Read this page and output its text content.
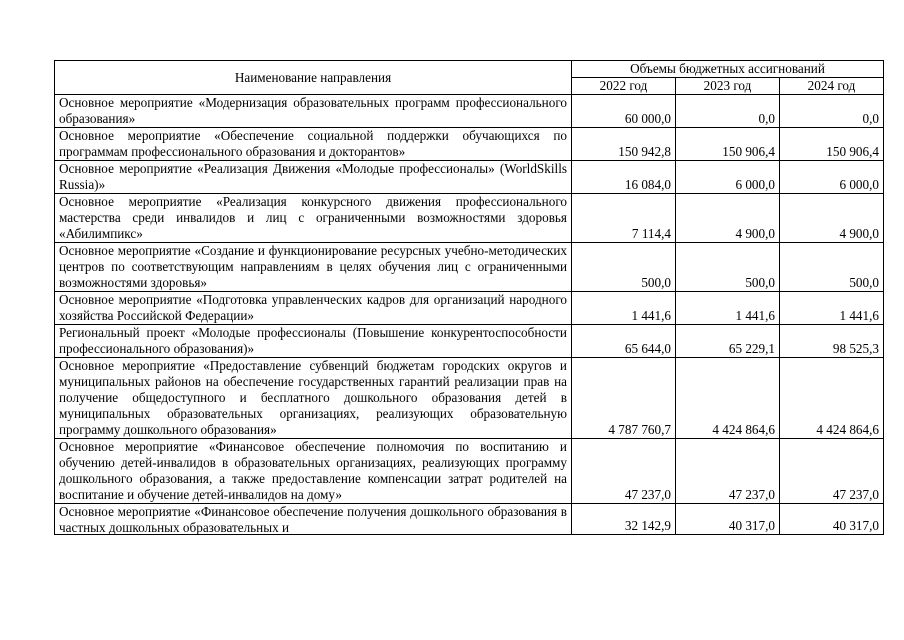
Наименование направления	Объемы бюджетных ассигнований		
	2022 год	2023 год	2024 год
Основное мероприятие «Модернизация образовательных программ профессионального образования»	60 000,0	0,0	0,0
Основное мероприятие «Обеспечение социальной поддержки обучающихся по программам профессионального образования и докторантов»	150 942,8	150 906,4	150 906,4
Основное мероприятие «Реализация Движения «Молодые профессионалы» (WorldSkills Russia)»	16 084,0	6 000,0	6 000,0
Основное мероприятие «Реализация конкурсного движения профессионального мастерства среди инвалидов и лиц с ограниченными возможностями здоровья «Абилимпикс»	7 114,4	4 900,0	4 900,0
Основное мероприятие «Создание и функционирование ресурсных учебно-методических центров по соответствующим направлениям в целях обучения лиц с ограниченными возможностями здоровья»	500,0	500,0	500,0
Основное мероприятие «Подготовка управленческих кадров для организаций народного хозяйства Российской Федерации»	1 441,6	1 441,6	1 441,6
Региональный проект «Молодые профессионалы (Повышение конкурентоспособности профессионального образования)»	65 644,0	65 229,1	98 525,3
Основное мероприятие «Предоставление субвенций бюджетам городских округов и муниципальных районов на обеспечение государственных гарантий реализации прав на получение общедоступного и бесплатного дошкольного образования детей в муниципальных образовательных организациях, реализующих образовательную программу дошкольного образования»	4 787 760,7	4 424 864,6	4 424 864,6
Основное мероприятие «Финансовое обеспечение полномочия по воспитанию и обучению детей-инвалидов в образовательных организациях, реализующих программу дошкольного образования, а также предоставление компенсации затрат родителей на воспитание и обучение детей-инвалидов на дому»	47 237,0	47 237,0	47 237,0

Основное мероприятие «Финансовое обеспечение получения дошкольного образования в частных дошкольных образовательных и	32 142,9	40 317,0	40 317,0
